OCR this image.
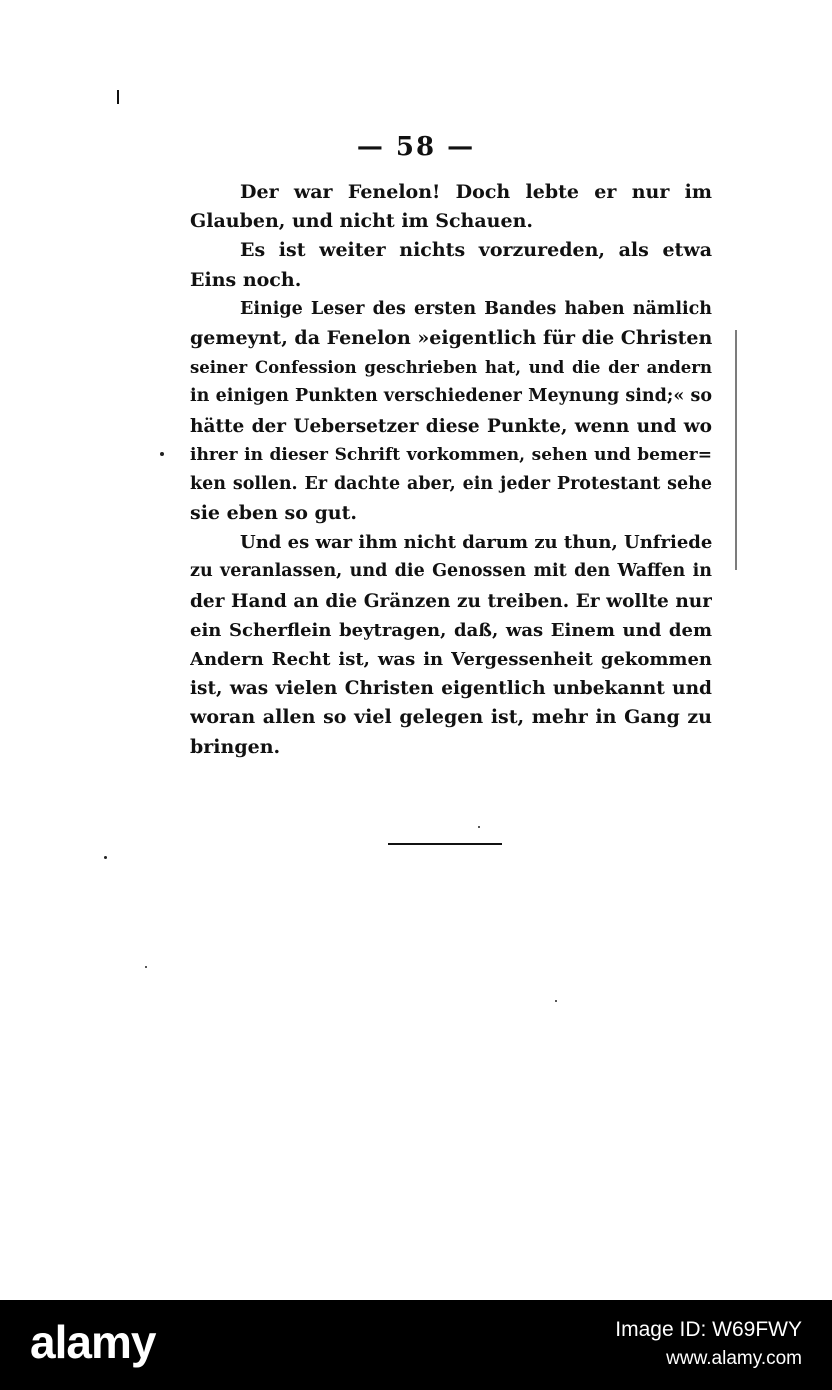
— 58 —
Der war Fenelon! Doch lebte er nur im
Glauben, und nicht im Schauen.
Es ist weiter nichts vorzureden, als etwa
Eins noch.
Einige Leser des ersten Bandes haben nämlich
gemeynt, da Fenelon »eigentlich für die Christen
seiner Confession geschrieben hat, und die der andern
in einigen Punkten verschiedener Meynung sind;« so
hätte der Uebersetzer diese Punkte, wenn und wo
ihrer in dieser Schrift vorkommen, sehen und bemer=
ken sollen. Er dachte aber, ein jeder Protestant sehe
sie eben so gut.
Und es war ihm nicht darum zu thun, Unfriede
zu veranlassen, und die Genossen mit den Waffen in
der Hand an die Gränzen zu treiben. Er wollte nur
ein Scherflein beytragen, daß, was Einem und dem
Andern Recht ist, was in Vergessenheit gekommen
ist, was vielen Christen eigentlich unbekannt und
woran allen so viel gelegen ist, mehr in Gang zu
bringen.
alamy	Image ID: W69FWY
www.alamy.com
